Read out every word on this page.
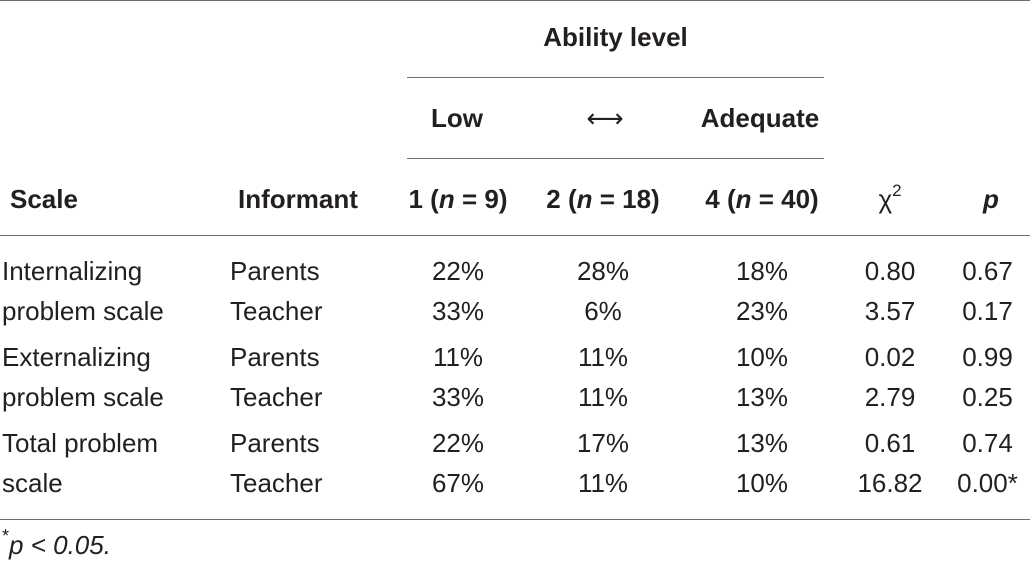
Ability level
Low	⟷	Adequate
Scale	Informant	1 (n = 9)	2 (n = 18)	4 (n = 40)	$\chi^2$	p
Internalizing	Parents	22%	28%	18%	0.80	0.67
problem scale	Teacher	33%	6%	23%	3.57	0.17
Externalizing	Parents	11%	11%	10%	0.02	0.99
problem scale	Teacher	33%	11%	13%	2.79	0.25
Total problem	Parents	22%	17%	13%	0.61	0.74
scale	Teacher	67%	11%	10%	16.82	0.00*
*p < 0.05.
